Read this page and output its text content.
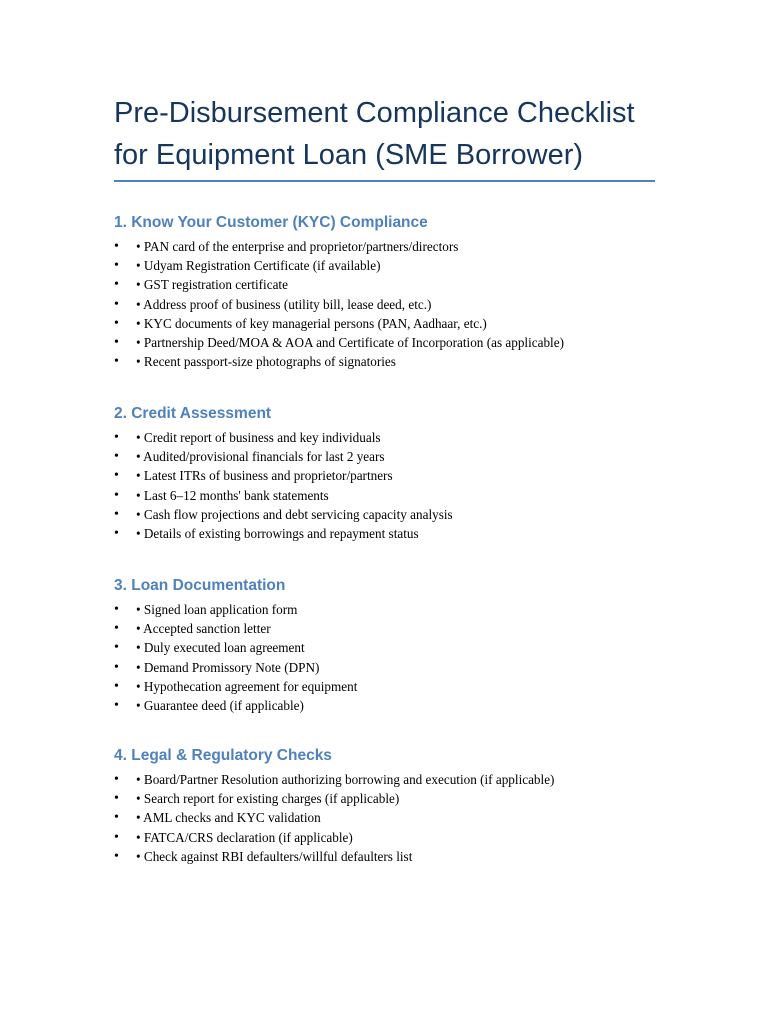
Pre-Disbursement Compliance Checklist
for Equipment Loan (SME Borrower)
1. Know Your Customer (KYC) Compliance
•	• PAN card of the enterprise and proprietor/partners/directors
•	• Udyam Registration Certificate (if available)
•	• GST registration certificate
•	• Address proof of business (utility bill, lease deed, etc.)
•	• KYC documents of key managerial persons (PAN, Aadhaar, etc.)
•	• Partnership Deed/MOA & AOA and Certificate of Incorporation (as applicable)
•	• Recent passport-size photographs of signatories
2. Credit Assessment
•	• Credit report of business and key individuals
•	• Audited/provisional financials for last 2 years
•	• Latest ITRs of business and proprietor/partners
•	• Last 6–12 months' bank statements
•	• Cash flow projections and debt servicing capacity analysis
•	• Details of existing borrowings and repayment status
3. Loan Documentation
•	• Signed loan application form
•	• Accepted sanction letter
•	• Duly executed loan agreement
•	• Demand Promissory Note (DPN)
•	• Hypothecation agreement for equipment
•	• Guarantee deed (if applicable)
4. Legal & Regulatory Checks
•	• Board/Partner Resolution authorizing borrowing and execution (if applicable)
•	• Search report for existing charges (if applicable)
•	• AML checks and KYC validation
•	• FATCA/CRS declaration (if applicable)
•	• Check against RBI defaulters/willful defaulters list
